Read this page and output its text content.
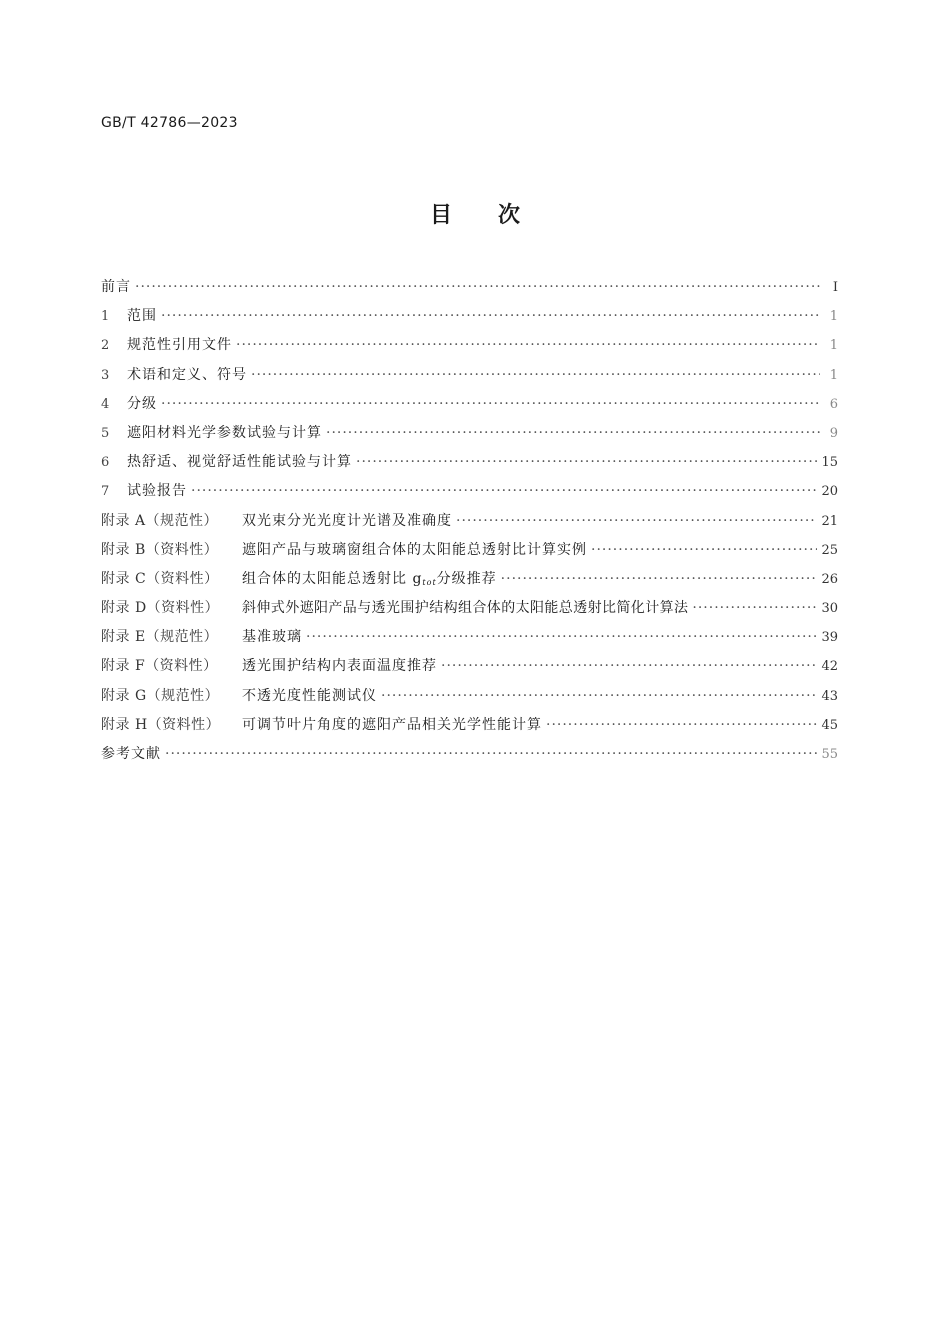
GB/T 42786—2023
目 次
前言 ·····	Ⅰ
1	范围 ·····	1
2	规范性引用文件 ·····	1
3	术语和定义、符号 ·····	1
4	分级 ·····	6
5	遮阳材料光学参数试验与计算 ·····	9
6	热舒适、视觉舒适性能试验与计算 ·····	15
7	试验报告 ·····	20
附录 A（规范性）	双光束分光光度计光谱及准确度 ·····	21
附录 B（资料性）	遮阳产品与玻璃窗组合体的太阳能总透射比计算实例 ·····	25
附录 C（资料性）	组合体的太阳能总透射比 $g_{tot}$分级推荐 ·····	26
附录 D（资料性）	斜伸式外遮阳产品与透光围护结构组合体的太阳能总透射比简化计算法 ·····	30
附录 E（规范性）	基准玻璃 ·····	39
附录 F（资料性）	透光围护结构内表面温度推荐 ·····	42
附录 G（规范性）	不透光度性能测试仪 ·····	43
附录 H（资料性）	可调节叶片角度的遮阳产品相关光学性能计算 ·····	45
参考文献 ·····	55
